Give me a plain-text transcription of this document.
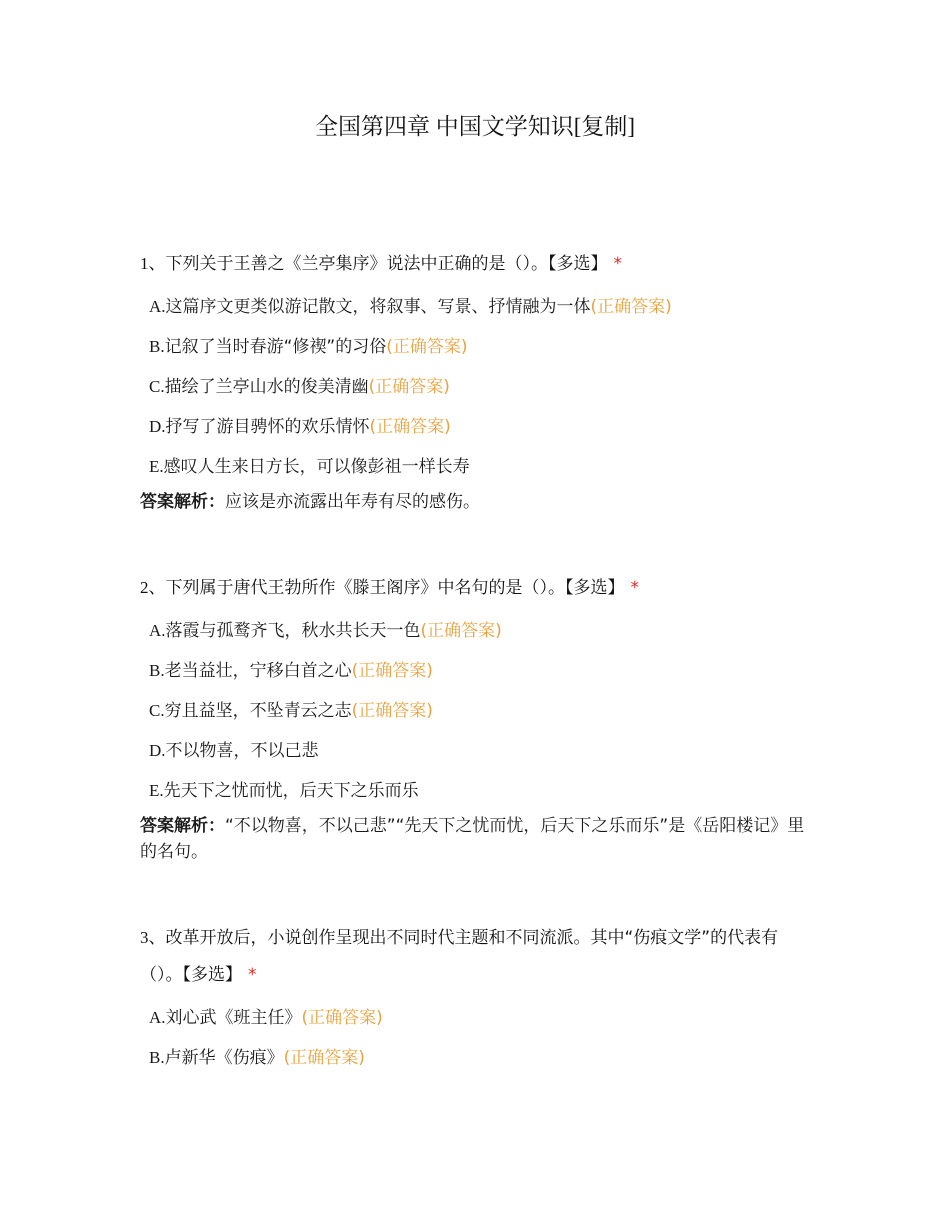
全国第四章 中国文学知识[复制]
1、下列关于王善之《兰亭集序》说法中正确的是（）。【多选】 *
A.这篇序文更类似游记散文，将叙事、写景、抒情融为一体(正确答案)
B.记叙了当时春游“修禊”的习俗(正确答案)
C.描绘了兰亭山水的俊美清幽(正确答案)
D.抒写了游目骋怀的欢乐情怀(正确答案)
E.感叹人生来日方长，可以像彭祖一样长寿
答案解析：应该是亦流露出年寿有尽的感伤。
2、下列属于唐代王勃所作《滕王阁序》中名句的是（）。【多选】 *
A.落霞与孤鹜齐飞，秋水共长天一色(正确答案)
B.老当益壮，宁移白首之心(正确答案)
C.穷且益坚，不坠青云之志(正确答案)
D.不以物喜，不以己悲
E.先天下之忧而忧，后天下之乐而乐
答案解析：“不以物喜，不以己悲”“先天下之忧而忧，后天下之乐而乐”是《岳阳楼记》里的名句。
3、改革开放后，小说创作呈现出不同时代主题和不同流派。其中“伤痕文学”的代表有（）。【多选】 *
A.刘心武《班主任》(正确答案)
B.卢新华《伤痕》(正确答案)
